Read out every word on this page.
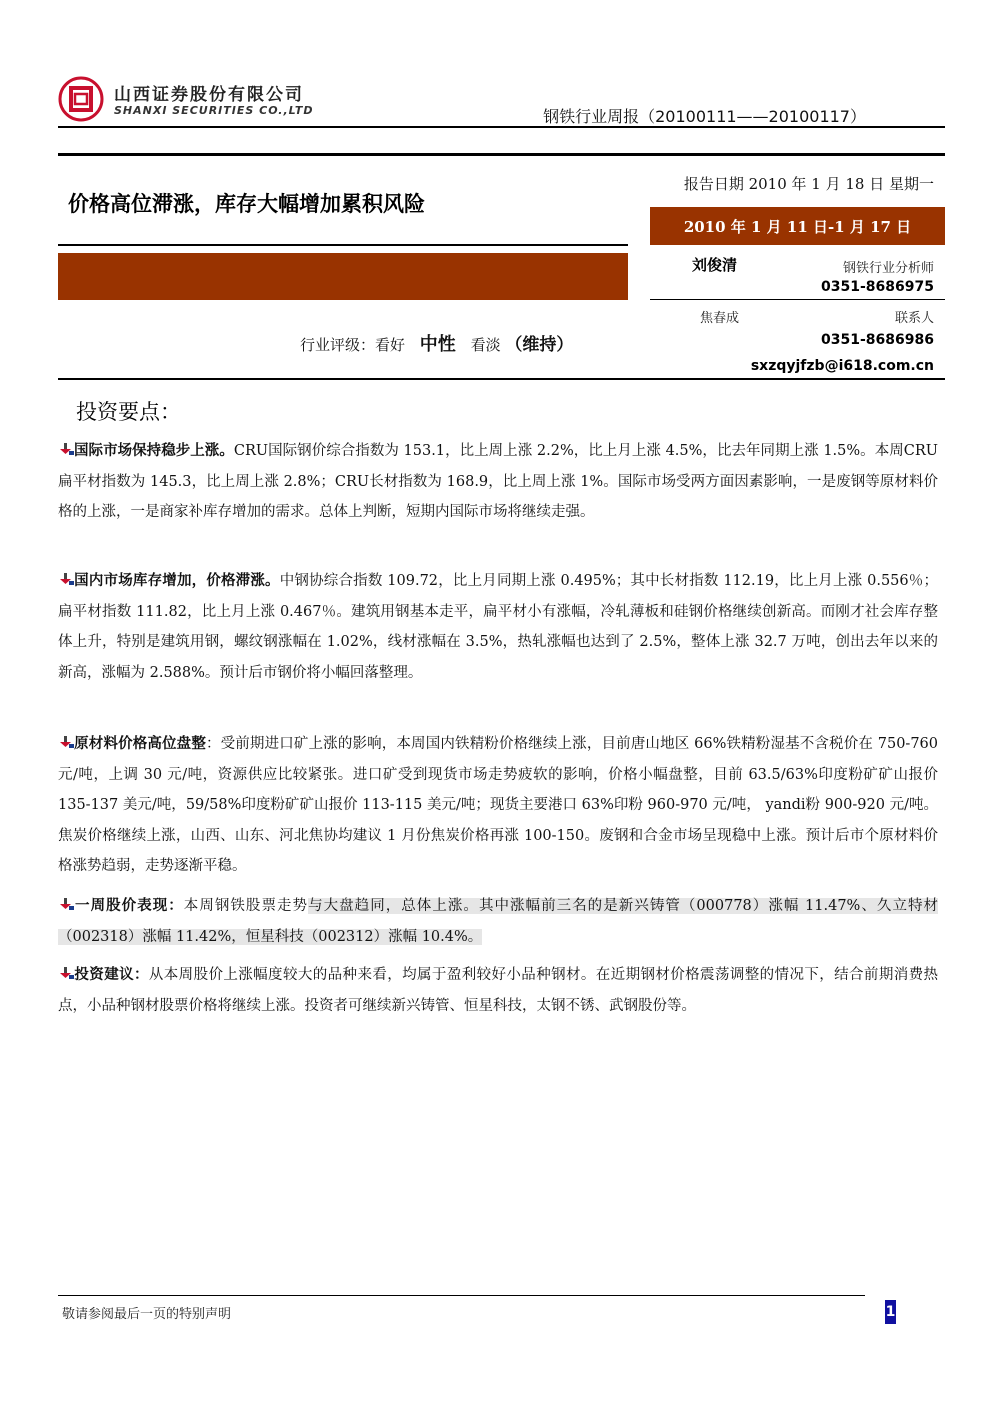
山西证券股份有限公司
SHANXI SECURITIES CO.,LTD	钢铁行业周报（20100111——20100117）
价格高位滞涨，库存大幅增加累积风险
报告日期 2010 年 1 月 18 日 星期一
2010 年 1 月 11 日-1 月 17 日
刘俊清	钢铁行业分析师
0351-8686975
焦春成	联系人
0351-8686986
sxzqyjfzb@i618.com.cn
行业评级：看好 中性 看淡 （维持）
投资要点：
国际市场保持稳步上涨。CRU国际钢价综合指数为 153.1，比上周上涨 2.2%，比上月上涨 4.5%，比去年同期上涨 1.5%。本周CRU扁平材指数为 145.3，比上周上涨 2.8%；CRU长材指数为 168.9，比上周上涨 1%。国际市场受两方面因素影响，一是废钢等原材料价格的上涨，一是商家补库存增加的需求。总体上判断，短期内国际市场将继续走强。
国内市场库存增加，价格滞涨。中钢协综合指数 109.72，比上月同期上涨 0.495%；其中长材指数 112.19，比上月上涨 0.556％；扁平材指数 111.82，比上月上涨 0.467％。建筑用钢基本走平，扁平材小有涨幅，冷轧薄板和硅钢价格继续创新高。而刚才社会库存整体上升，特别是建筑用钢，螺纹钢涨幅在 1.02%，线材涨幅在 3.5%，热轧涨幅也达到了 2.5%，整体上涨 32.7 万吨，创出去年以来的新高，涨幅为 2.588%。预计后市钢价将小幅回落整理。
原材料价格高位盘整：受前期进口矿上涨的影响，本周国内铁精粉价格继续上涨，目前唐山地区 66%铁精粉湿基不含税价在 750-760 元/吨，上调 30 元/吨，资源供应比较紧张。进口矿受到现货市场走势疲软的影响，价格小幅盘整，目前 63.5/63%印度粉矿矿山报价 135-137 美元/吨，59/58%印度粉矿矿山报价 113-115 美元/吨；现货主要港口 63%印粉 960-970 元/吨， yandi粉 900-920 元/吨。焦炭价格继续上涨，山西、山东、河北焦协均建议 1 月份焦炭价格再涨 100-150。废钢和合金市场呈现稳中上涨。预计后市个原材料价格涨势趋弱，走势逐渐平稳。
一周股价表现：本周钢铁股票走势与大盘趋同，总体上涨。其中涨幅前三名的是新兴铸管（000778）涨幅 11.47%、久立特材（002318）涨幅 11.42%，恒星科技（002312）涨幅 10.4%。
投资建议：从本周股价上涨幅度较大的品种来看，均属于盈利较好小品种钢材。在近期钢材价格震荡调整的情况下，结合前期消费热点，小品种钢材股票价格将继续上涨。投资者可继续新兴铸管、恒星科技，太钢不锈、武钢股份等。
敬请参阅最后一页的特别声明	1
